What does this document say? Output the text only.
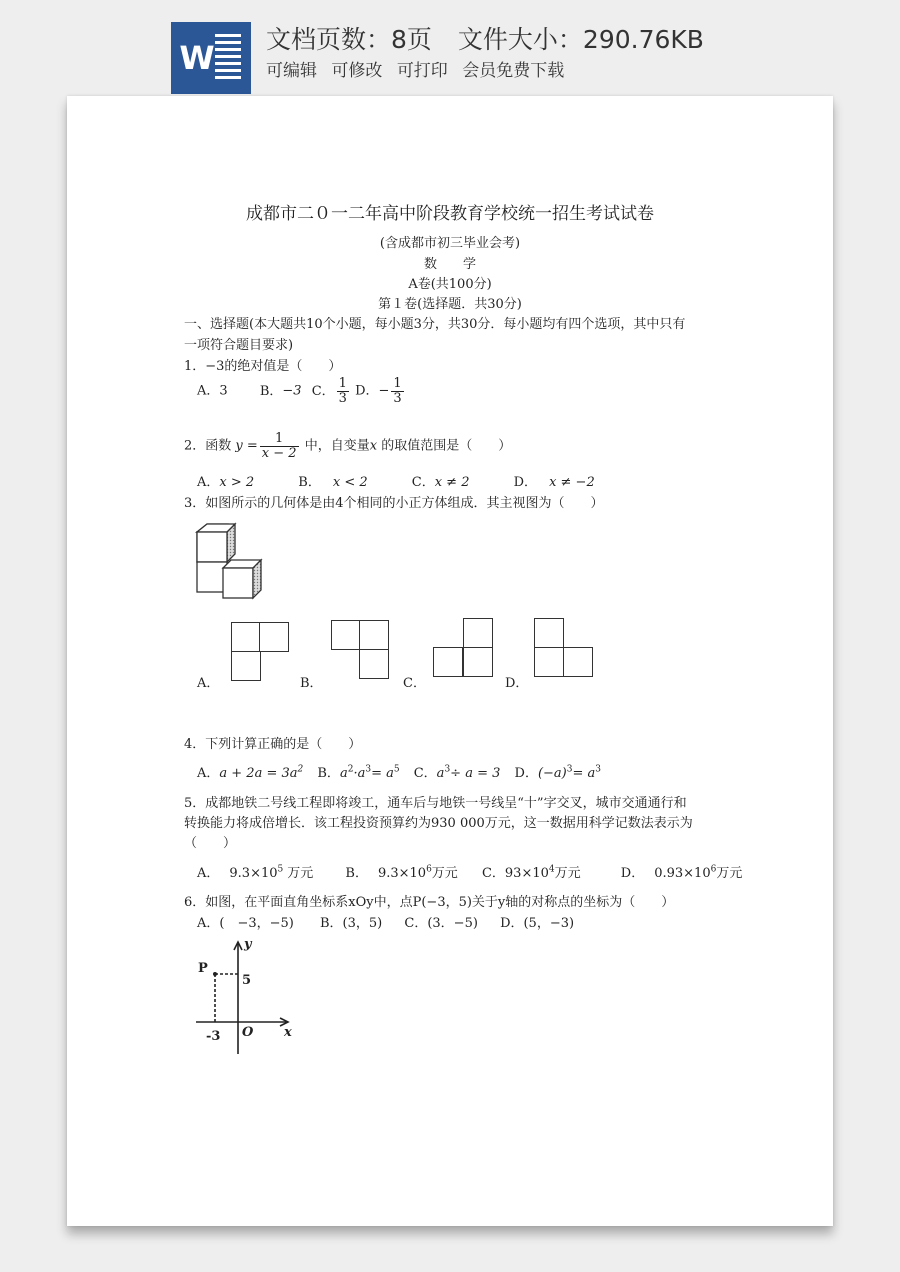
W 文档页数：8页 文件大小：290.76KB
可编辑 可修改 可打印 会员免费下载
成都市二０一二年高中阶段教育学校统一招生考试试卷
(含成都市初三毕业会考)
数　　学
A卷(共100分)
第１卷(选择题．共30分)
一、选择题(本大题共10个小题，每小题3分，共30分．每小题均有四个选项，其中只有
一项符合题目要求)
1．−3的绝对值是（　　）
A．3 B．−3 C． $\frac{1}{3}$ D．− $\frac{1}{3}$
2．函数 $y = \frac{1}{x - 2}$ 中，自变量x 的取值范围是（　　）
A．x > 2	B． x < 2	C．x ≠ 2	D． x ≠ −2
3．如图所示的几何体是由4个相同的小正方体组成．其主视图为（　　）
A．	B．	C．	D．
4．下列计算正确的是（　　）
A．$a + 2a = 3a^2$ B．$a^2\cdot a^3= a^5$ C．$a^3\div a = 3$ D．$(-a)^3= a^3$
5．成都地铁二号线工程即将竣工，通车后与地铁一号线呈“十”字交叉，城市交通通行和
转换能力将成倍增长．该工程投资预算约为930 000万元，这一数据用科学记数法表示为
（　　）
A． $9.3\times 10^5$ 万元 B． $9.3\times 10^6$万元 C．$93\times 10^4$万元	D． $0.93\times 10^6$万元
6．如图，在平面直角坐标系xOy中，点P(−3，5)关于y轴的对称点的坐标为（　　）
A．(　−3，−5) B．(3，5) C．(3．−5) D．(5，−3)
P
5
y
x
O
-3
